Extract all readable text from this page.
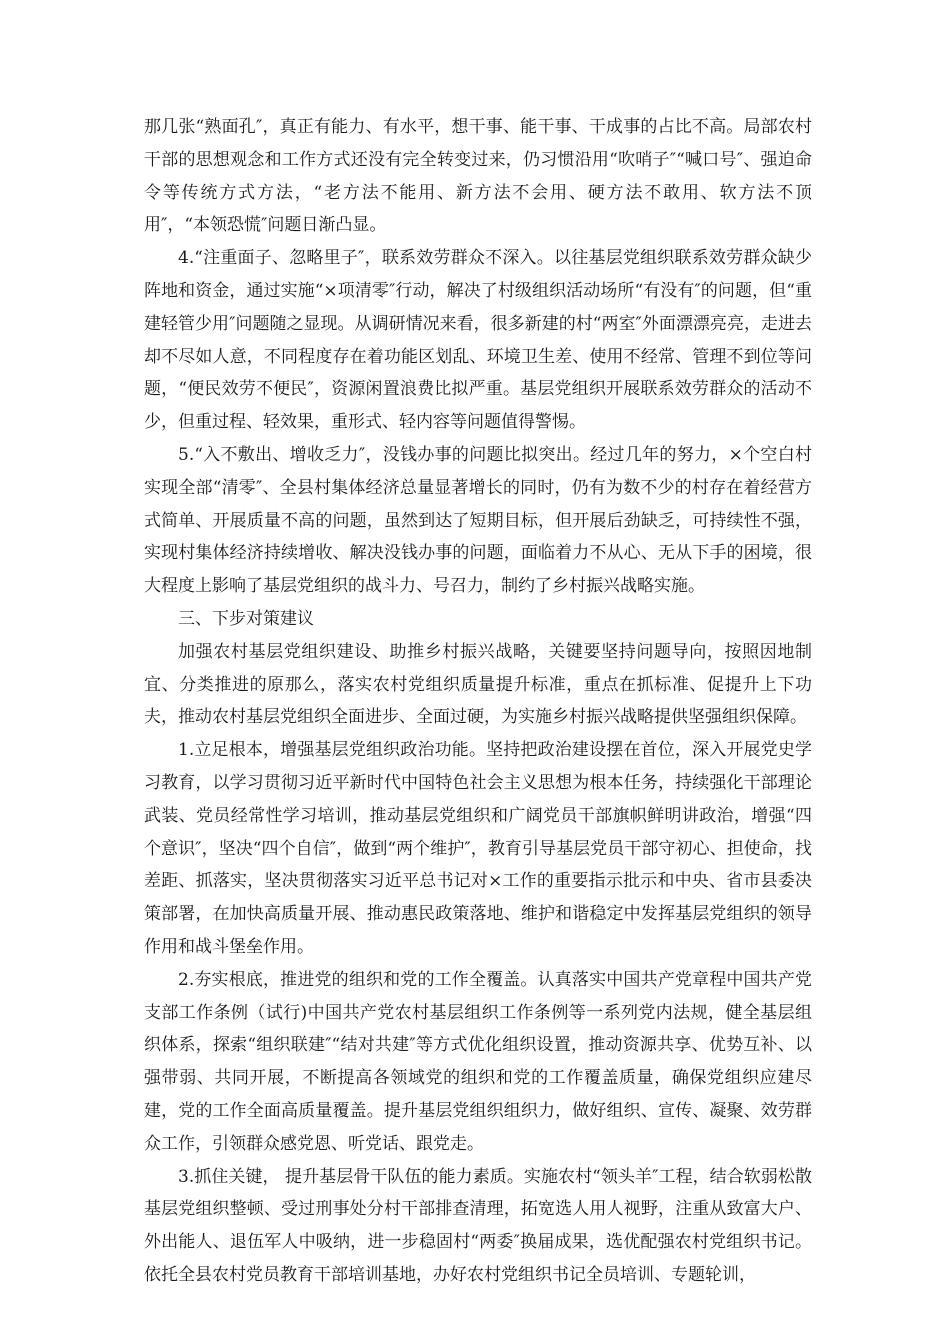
那几张“熟面孔″，真正有能力、有水平，想干事、能干事、干成事的占比不高。局部农村干部的思想观念和工作方式还没有完全转变过来，仍习惯沿用“吹哨子″“喊口号″、强迫命令等传统方式方法，“老方法不能用、新方法不会用、硬方法不敢用、软方法不顶用″，“本领恐慌″问题日渐凸显。

4.“注重面子、忽略里子″，联系效劳群众不深入。以往基层党组织联系效劳群众缺少阵地和资金，通过实施“×项清零″行动，解决了村级组织活动场所“有没有″的问题，但“重建轻管少用″问题随之显现。从调研情况来看，很多新建的村“两室″外面漂漂亮亮，走进去却不尽如人意，不同程度存在着功能区划乱、环境卫生差、使用不经常、管理不到位等问题，“便民效劳不便民″，资源闲置浪费比拟严重。基层党组织开展联系效劳群众的活动不少，但重过程、轻效果，重形式、轻内容等问题值得警惕。

5.“入不敷出、增收乏力″，没钱办事的问题比拟突出。经过几年的努力，×个空白村实现全部“清零″、全县村集体经济总量显著增长的同时，仍有为数不少的村存在着经营方式简单、开展质量不高的问题，虽然到达了短期目标，但开展后劲缺乏，可持续性不强，实现村集体经济持续增收、解决没钱办事的问题，面临着力不从心、无从下手的困境，很大程度上影响了基层党组织的战斗力、号召力，制约了乡村振兴战略实施。

三、下步对策建议

加强农村基层党组织建设、助推乡村振兴战略，关键要坚持问题导向，按照因地制宜、分类推进的原那么，落实农村党组织质量提升标准，重点在抓标准、促提升上下功夫，推动农村基层党组织全面进步、全面过硬，为实施乡村振兴战略提供坚强组织保障。

1.立足根本，增强基层党组织政治功能。坚持把政治建设摆在首位，深入开展党史学习教育，以学习贯彻习近平新时代中国特色社会主义思想为根本任务，持续强化干部理论武装、党员经常性学习培训，推动基层党组织和广阔党员干部旗帜鲜明讲政治，增强“四个意识″，坚决“四个自信″，做到“两个维护″，教育引导基层党员干部守初心、担使命，找差距、抓落实，坚决贯彻落实习近平总书记对×工作的重要指示批示和中央、省市县委决策部署，在加快高质量开展、推动惠民政策落地、维护和谐稳定中发挥基层党组织的领导作用和战斗堡垒作用。

2.夯实根底，推进党的组织和党的工作全覆盖。认真落实中国共产党章程中国共产党支部工作条例（试行)中国共产党农村基层组织工作条例等一系列党内法规，健全基层组织体系，探索“组织联建″“结对共建″等方式优化组织设置，推动资源共享、优势互补、以强带弱、共同开展，不断提高各领域党的组织和党的工作覆盖质量，确保党组织应建尽建，党的工作全面高质量覆盖。提升基层党组织组织力，做好组织、宣传、凝聚、效劳群众工作，引领群众感党恩、听党话、跟党走。

3.抓住关键， 提升基层骨干队伍的能力素质。实施农村“领头羊″工程，结合软弱松散基层党组织整顿、受过刑事处分村干部排查清理，拓宽选人用人视野，注重从致富大户、外出能人、退伍军人中吸纳，进一步稳固村“两委″换届成果，选优配强农村党组织书记。依托全县农村党员教育干部培训基地，办好农村党组织书记全员培训、专题轮训，
